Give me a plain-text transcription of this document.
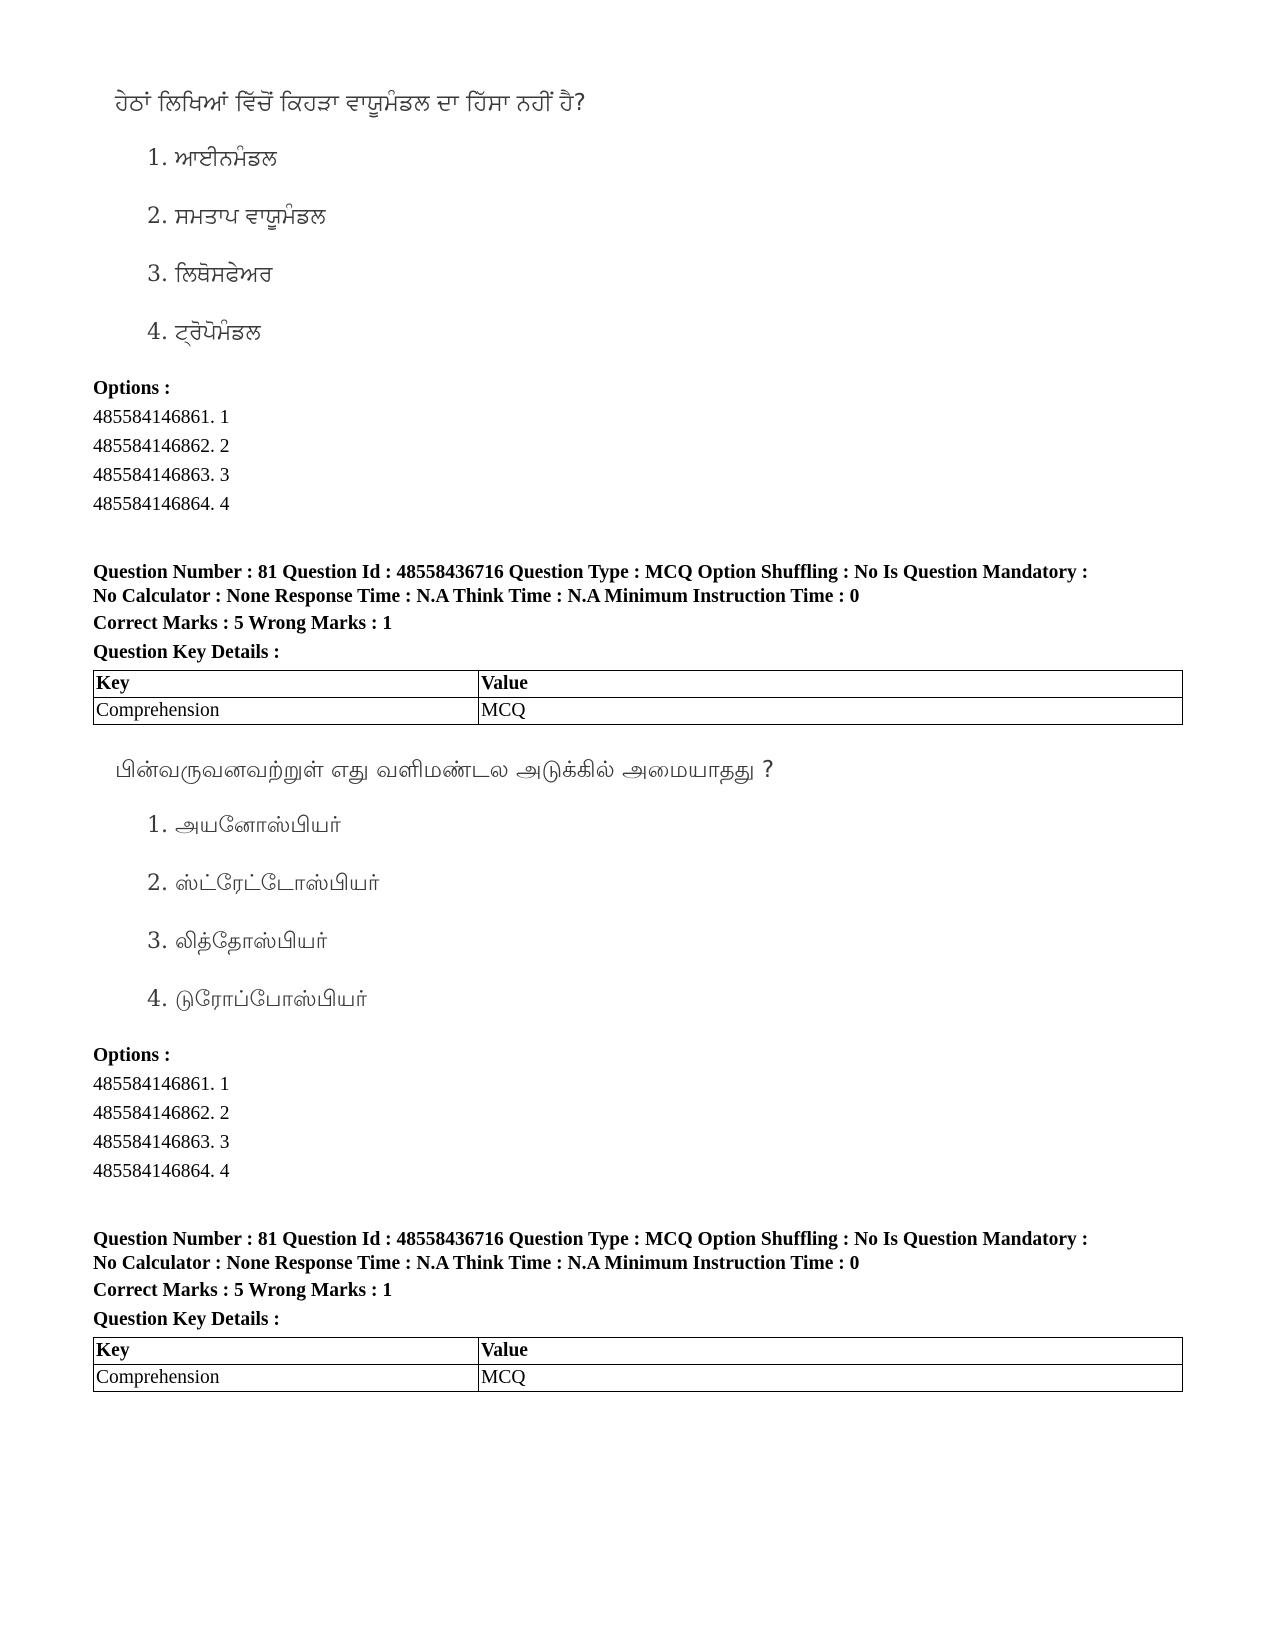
ਹੇਠਾਂ ਲਿਖਿਆਂ ਵਿੱਚੋਂ ਕਿਹੜਾ ਵਾਯੂਮੰਡਲ ਦਾ ਹਿੱਸਾ ਨਹੀਂ ਹੈ?
1. ਆਈਨਮੰਡਲ
2. ਸਮਤਾਪ ਵਾਯੂਮੰਡਲ
3. ਲਿਥੋਸਫੇਅਰ
4. ਟ੍ਰੋਪੋਮੰਡਲ
Options :
485584146861. 1
485584146862. 2
485584146863. 3
485584146864. 4
Question Number : 81 Question Id : 48558436716 Question Type : MCQ Option Shuffling : No Is Question Mandatory :
No Calculator : None Response Time : N.A Think Time : N.A Minimum Instruction Time : 0
Correct Marks : 5 Wrong Marks : 1
Question Key Details :
Key	Value
Comprehension	MCQ
பின்வருவனவற்றுள் எது வளிமண்டல அடுக்கில் அமையாதது ?
1. அயனோஸ்பியர்
2. ஸ்ட்ரேட்டோஸ்பியர்
3. லித்தோஸ்பியர்
4. டுரோப்போஸ்பியர்
Options :
485584146861. 1
485584146862. 2
485584146863. 3
485584146864. 4
Question Number : 81 Question Id : 48558436716 Question Type : MCQ Option Shuffling : No Is Question Mandatory :
No Calculator : None Response Time : N.A Think Time : N.A Minimum Instruction Time : 0
Correct Marks : 5 Wrong Marks : 1
Question Key Details :
Key	Value
Comprehension	MCQ
